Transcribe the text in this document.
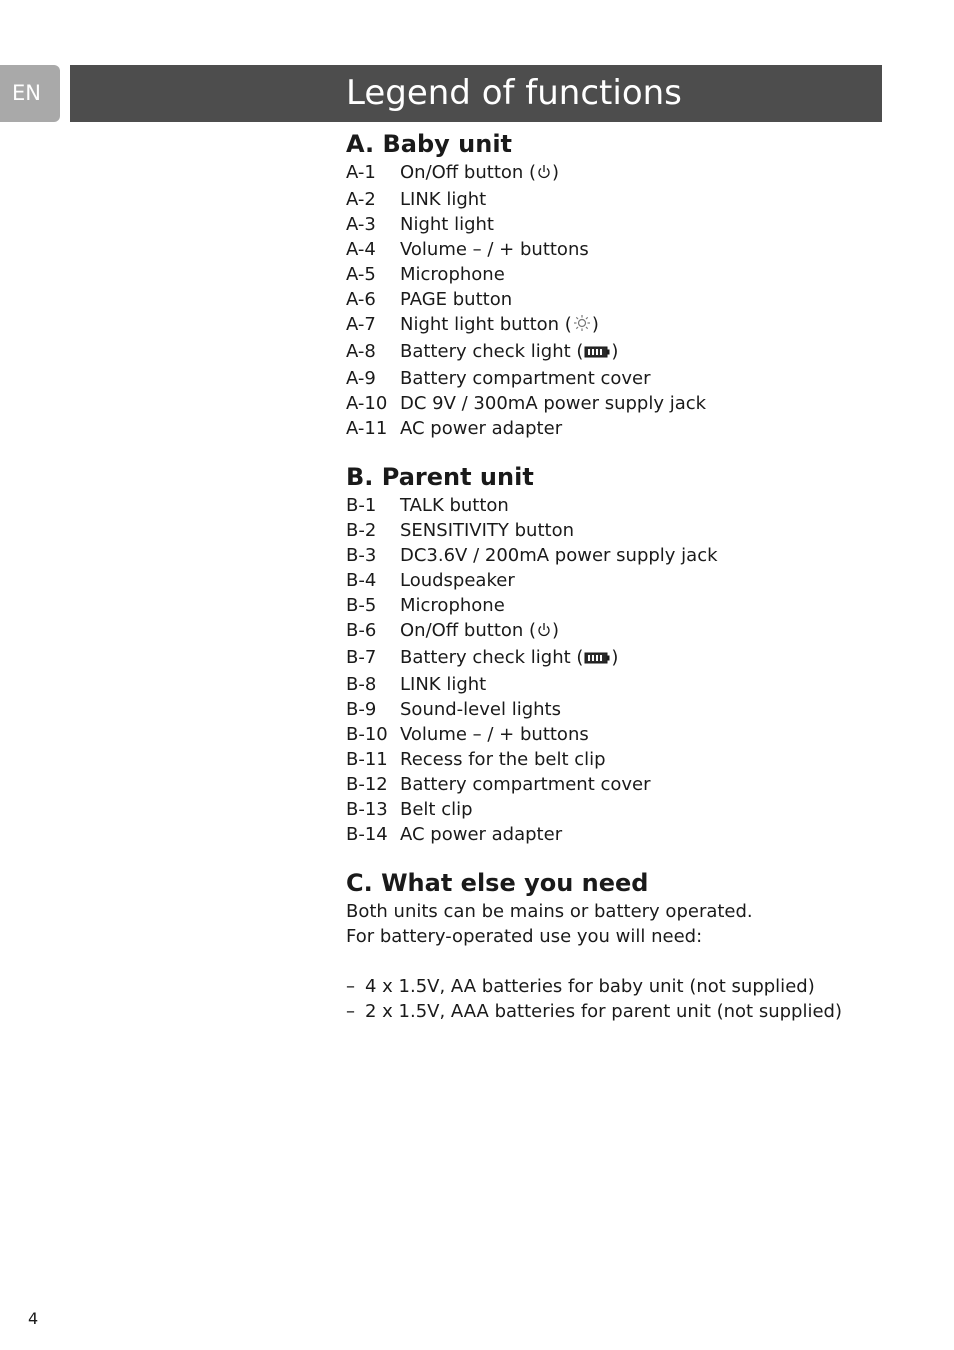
EN	Legend of functions
A. Baby unit
A-1	On/Off button ( )
A-2	LINK light
A-3	Night light
A-4	Volume – / + buttons
A-5	Microphone
A-6	PAGE button
A-7	Night light button ( )
A-8	Battery check light ( )
A-9	Battery compartment cover
A-10 DC 9V / 300mA power supply jack
A-11 AC power adapter
B. Parent unit
B-1	TALK button
B-2	SENSITIVITY button
B-3	DC3.6V / 200mA power supply jack
B-4	Loudspeaker
B-5	Microphone
B-6	On/Off button ( )
B-7	Battery check light ( )
B-8	LINK light
B-9	Sound-level lights
B-10 Volume – / + buttons
B-11 Recess for the belt clip
B-12 Battery compartment cover
B-13 Belt clip
B-14 AC power adapter
C. What else you need

Both units can be mains or battery operated.

For battery-operated use you will need:

– 4 x 1.5V, AA batteries for baby unit (not supplied)

– 2 x 1.5V, AAA batteries for parent unit (not supplied)

4
